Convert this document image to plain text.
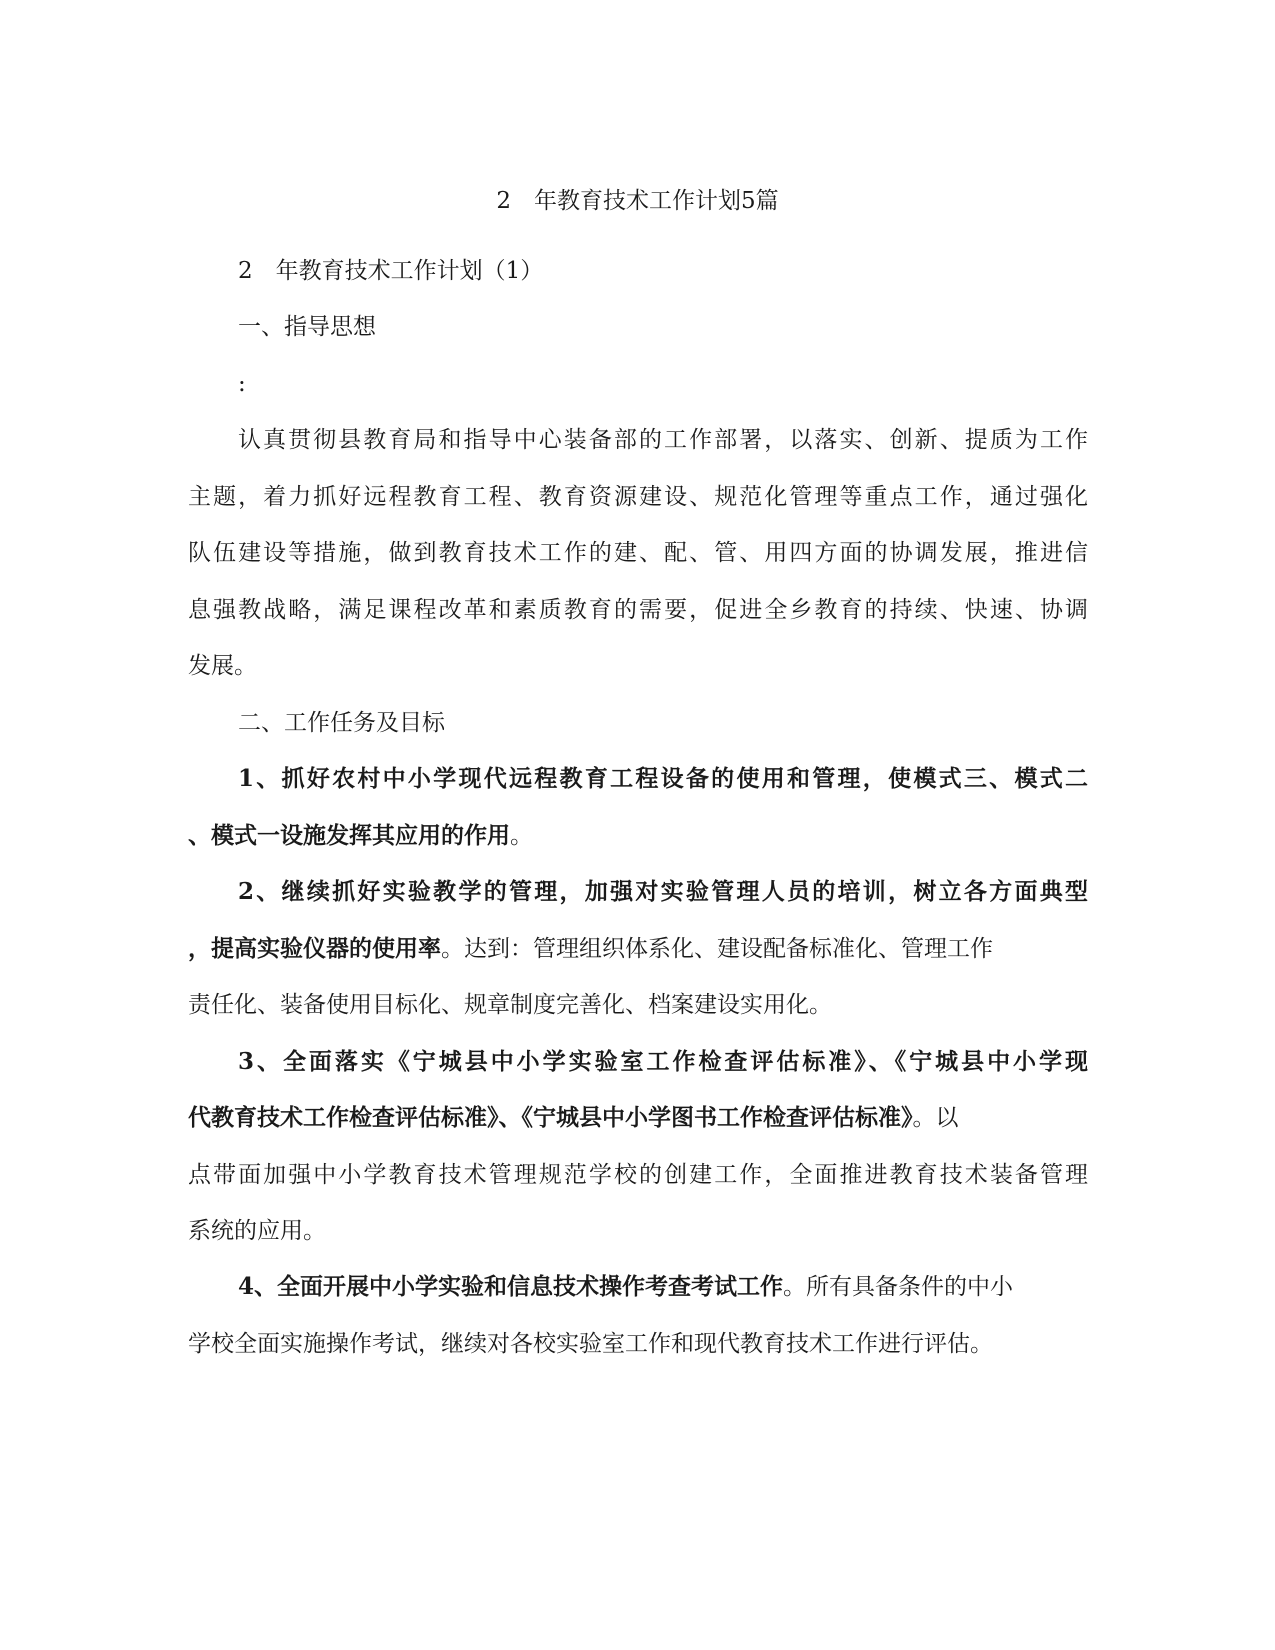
2　年教育技术工作计划5篇
2　年教育技术工作计划（1）
一、指导思想
:
认真贯彻县教育局和指导中心装备部的工作部署，以落实、创新、提质为工作
主题，着力抓好远程教育工程、教育资源建设、规范化管理等重点工作，通过强化
队伍建设等措施，做到教育技术工作的建、配、管、用四方面的协调发展，推进信
息强教战略，满足课程改革和素质教育的需要，促进全乡教育的持续、快速、协调
发展。
二、工作任务及目标
1、抓好农村中小学现代远程教育工程设备的使用和管理，使模式三、模式二
、模式一设施发挥其应用的作用。
2、继续抓好实验教学的管理，加强对实验管理人员的培训，树立各方面典型
，提高实验仪器的使用率。达到：管理组织体系化、建设配备标准化、管理工作
责任化、装备使用目标化、规章制度完善化、档案建设实用化。
3、全面落实《宁城县中小学实验室工作检查评估标准》、《宁城县中小学现
代教育技术工作检查评估标准》、《宁城县中小学图书工作检查评估标准》。以
点带面加强中小学教育技术管理规范学校的创建工作，全面推进教育技术装备管理
系统的应用。
4、全面开展中小学实验和信息技术操作考查考试工作。所有具备条件的中小
学校全面实施操作考试，继续对各校实验室工作和现代教育技术工作进行评估。
